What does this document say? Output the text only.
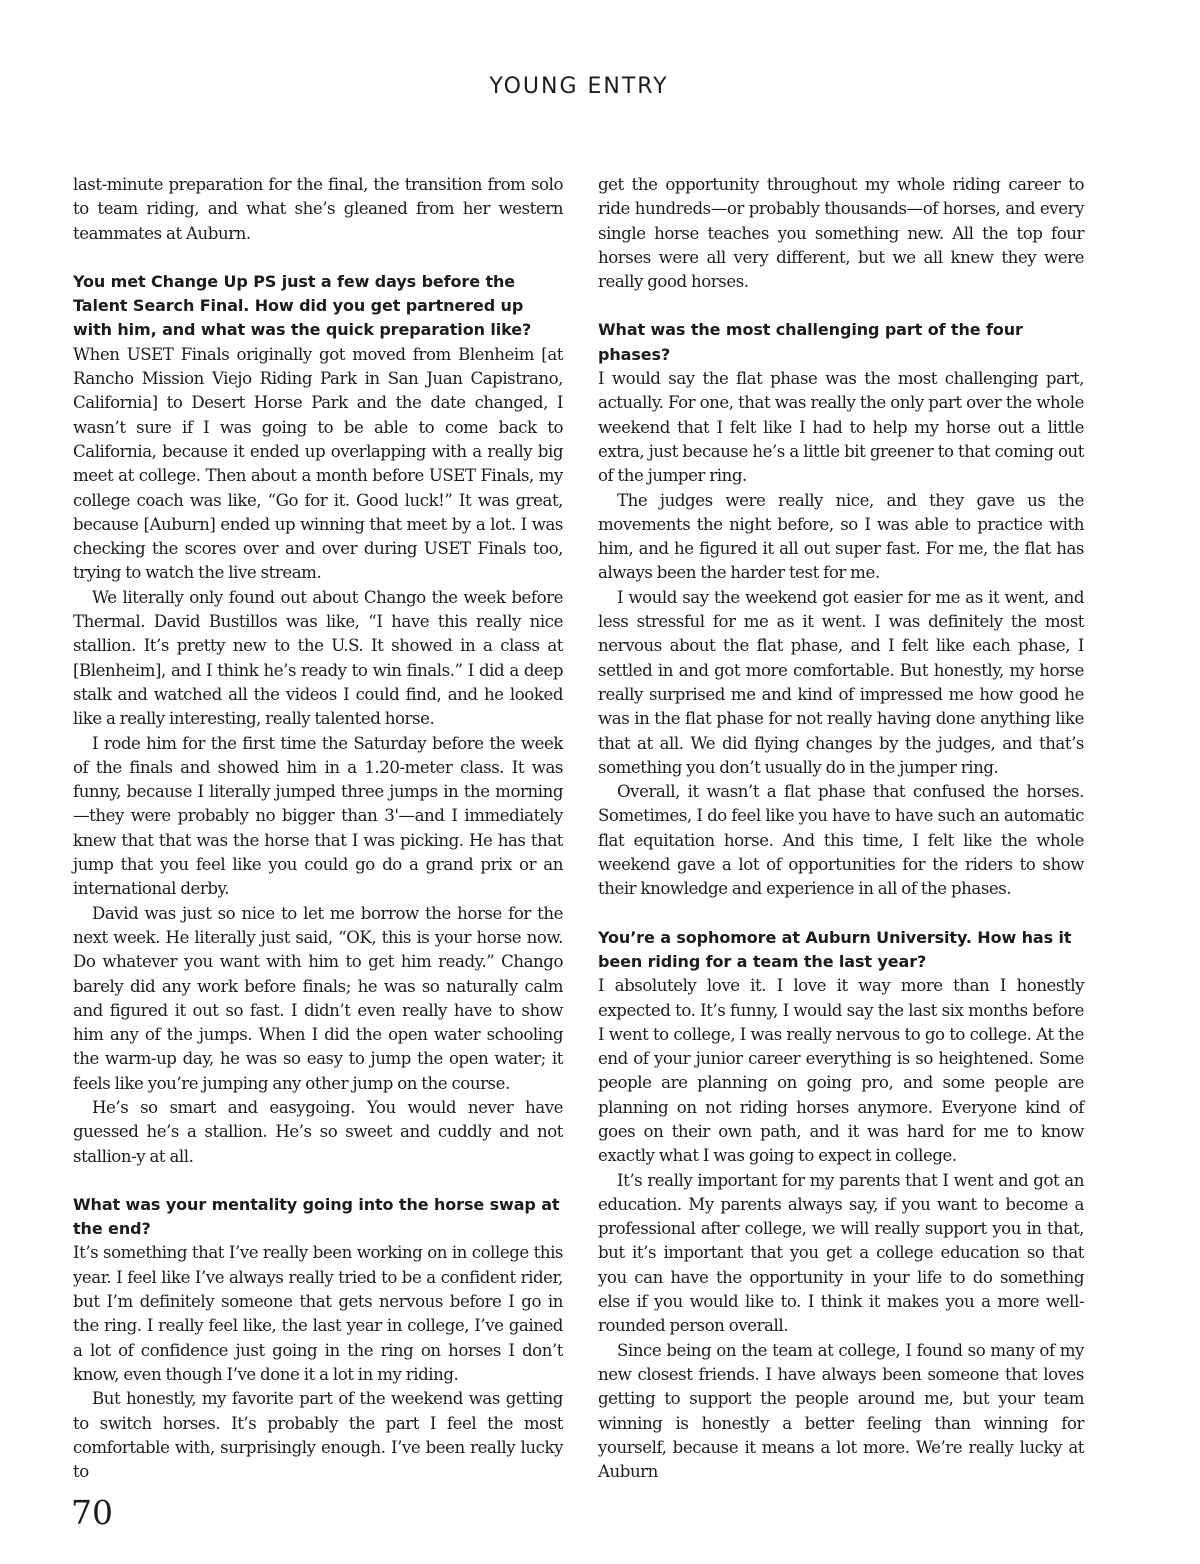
YOUNG ENTRY

last-minute preparation for the final, the transition from solo to team riding, and what she’s gleaned from her western teammates at Auburn.

You met Change Up PS just a few days before the Talent Search Final. How did you get partnered up with him, and what was the quick preparation like?

When USET Finals originally got moved from Blenheim [at Rancho Mission Viejo Riding Park in San Juan Capistrano, California] to Desert Horse Park and the date changed, I wasn’t sure if I was going to be able to come back to California, because it ended up overlapping with a really big meet at college. Then about a month before USET Finals, my college coach was like, “Go for it. Good luck!” It was great, because [Auburn] ended up winning that meet by a lot. I was checking the scores over and over during USET Finals too, trying to watch the live stream.

We literally only found out about Chango the week before Thermal. David Bustillos was like, “I have this really nice stallion. It’s pretty new to the U.S. It showed in a class at [Blenheim], and I think he’s ready to win finals.” I did a deep stalk and watched all the videos I could find, and he looked like a really interesting, really talented horse.

I rode him for the first time the Saturday before the week of the finals and showed him in a 1.20-meter class. It was funny, because I literally jumped three jumps in the morning—they were probably no bigger than 3'—and I immediately knew that that was the horse that I was picking. He has that jump that you feel like you could go do a grand prix or an international derby.

David was just so nice to let me borrow the horse for the next week. He literally just said, “OK, this is your horse now. Do whatever you want with him to get him ready.” Chango barely did any work before finals; he was so naturally calm and figured it out so fast. I didn’t even really have to show him any of the jumps. When I did the open water schooling the warm-up day, he was so easy to jump the open water; it feels like you’re jumping any other jump on the course.

He’s so smart and easygoing. You would never have guessed he’s a stallion. He’s so sweet and cuddly and not stallion-y at all.

What was your mentality going into the horse swap at the end?

It’s something that I’ve really been working on in college this year. I feel like I’ve always really tried to be a confident rider, but I’m definitely someone that gets nervous before I go in the ring. I really feel like, the last year in college, I’ve gained a lot of confidence just going in the ring on horses I don’t know, even though I’ve done it a lot in my riding.

But honestly, my favorite part of the weekend was getting to switch horses. It’s probably the part I feel the most comfortable with, surprisingly enough. I’ve been really lucky to

get the opportunity throughout my whole riding career to ride hundreds—or probably thousands—of horses, and every single horse teaches you something new. All the top four horses were all very different, but we all knew they were really good horses.

What was the most challenging part of the four phases?

I would say the flat phase was the most challenging part, actually. For one, that was really the only part over the whole weekend that I felt like I had to help my horse out a little extra, just because he’s a little bit greener to that coming out of the jumper ring.

The judges were really nice, and they gave us the movements the night before, so I was able to practice with him, and he figured it all out super fast. For me, the flat has always been the harder test for me.

I would say the weekend got easier for me as it went, and less stressful for me as it went. I was definitely the most nervous about the flat phase, and I felt like each phase, I settled in and got more comfortable. But honestly, my horse really surprised me and kind of impressed me how good he was in the flat phase for not really having done anything like that at all. We did flying changes by the judges, and that’s something you don’t usually do in the jumper ring.

Overall, it wasn’t a flat phase that confused the horses. Sometimes, I do feel like you have to have such an automatic flat equitation horse. And this time, I felt like the whole weekend gave a lot of opportunities for the riders to show their knowledge and experience in all of the phases.

You’re a sophomore at Auburn University. How has it been riding for a team the last year?

I absolutely love it. I love it way more than I honestly expected to. It’s funny, I would say the last six months before I went to college, I was really nervous to go to college. At the end of your junior career everything is so heightened. Some people are planning on going pro, and some people are planning on not riding horses anymore. Everyone kind of goes on their own path, and it was hard for me to know exactly what I was going to expect in college.

It’s really important for my parents that I went and got an education. My parents always say, if you want to become a professional after college, we will really support you in that, but it’s important that you get a college education so that you can have the opportunity in your life to do something else if you would like to. I think it makes you a more well-rounded person overall.

Since being on the team at college, I found so many of my new closest friends. I have always been someone that loves getting to support the people around me, but your team winning is honestly a better feeling than winning for yourself, because it means a lot more. We’re really lucky at Auburn

70
